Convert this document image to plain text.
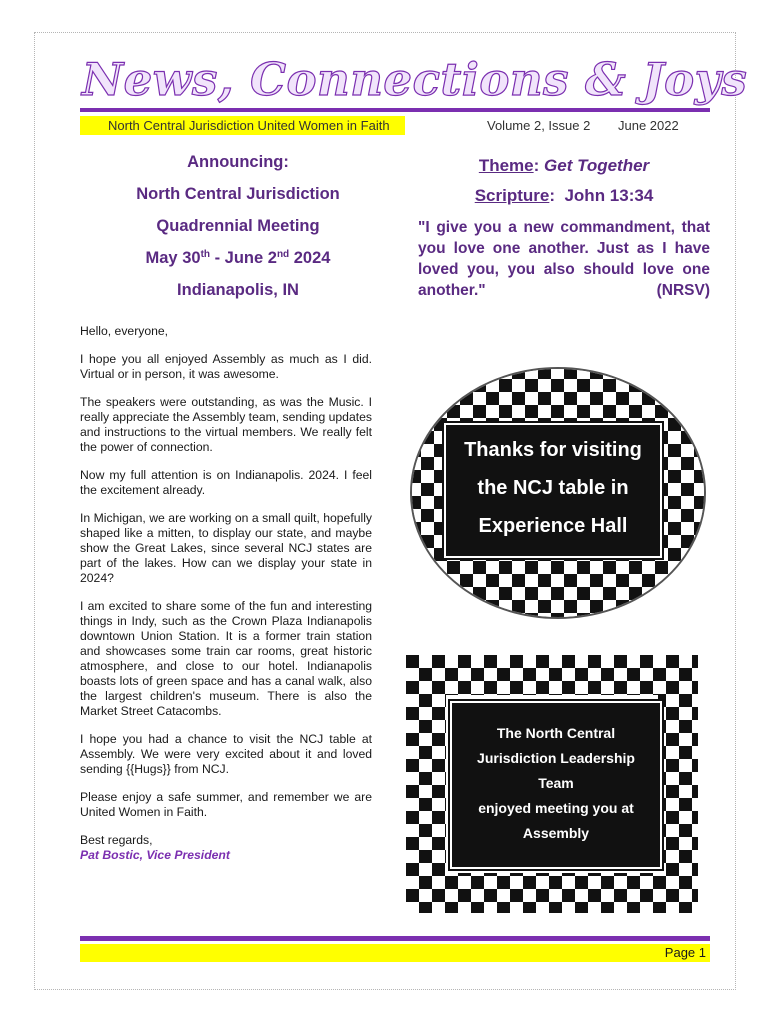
News, Connections & Joys
North Central Jurisdiction United Women in Faith	Volume 2, Issue 2 June 2022
Announcing:
North Central Jurisdiction
Quadrennial Meeting
May 30th - June 2nd 2024
Indianapolis, IN
Theme: Get Together
Scripture:  John 13:34
"I give you a new commandment, that you love one another. Just as I have loved you, you also should love one another."	(NRSV)

Hello, everyone,

I hope you all enjoyed Assembly as much as I did. Virtual or in person, it was awesome.

The speakers were outstanding, as was the Music. I really appreciate the Assembly team, sending updates and instructions to the virtual members. We really felt the power of connection.

Now my full attention is on Indianapolis. 2024. I feel the excitement already.

In Michigan, we are working on a small quilt, hopefully shaped like a mitten, to display our state, and maybe show the Great Lakes, since several NCJ states are part of the lakes. How can we display your state in 2024?

I am excited to share some of the fun and interesting things in Indy, such as the Crown Plaza Indianapolis downtown Union Station. It is a former train station and showcases some train car rooms, great historic atmosphere, and close to our hotel. Indianapolis boasts lots of green space and has a canal walk, also the largest children's museum. There is also the Market Street Catacombs.

I hope you had a chance to visit the NCJ table at Assembly. We were very excited about it and loved sending {{Hugs}} from NCJ.

Please enjoy a safe summer, and remember we are United Women in Faith.

Best regards,

Pat Bostic, Vice President

Thanks for visiting
the NCJ table in
Experience Hall
The North Central
Jurisdiction Leadership
Team
enjoyed meeting you at
Assembly
Page 1
